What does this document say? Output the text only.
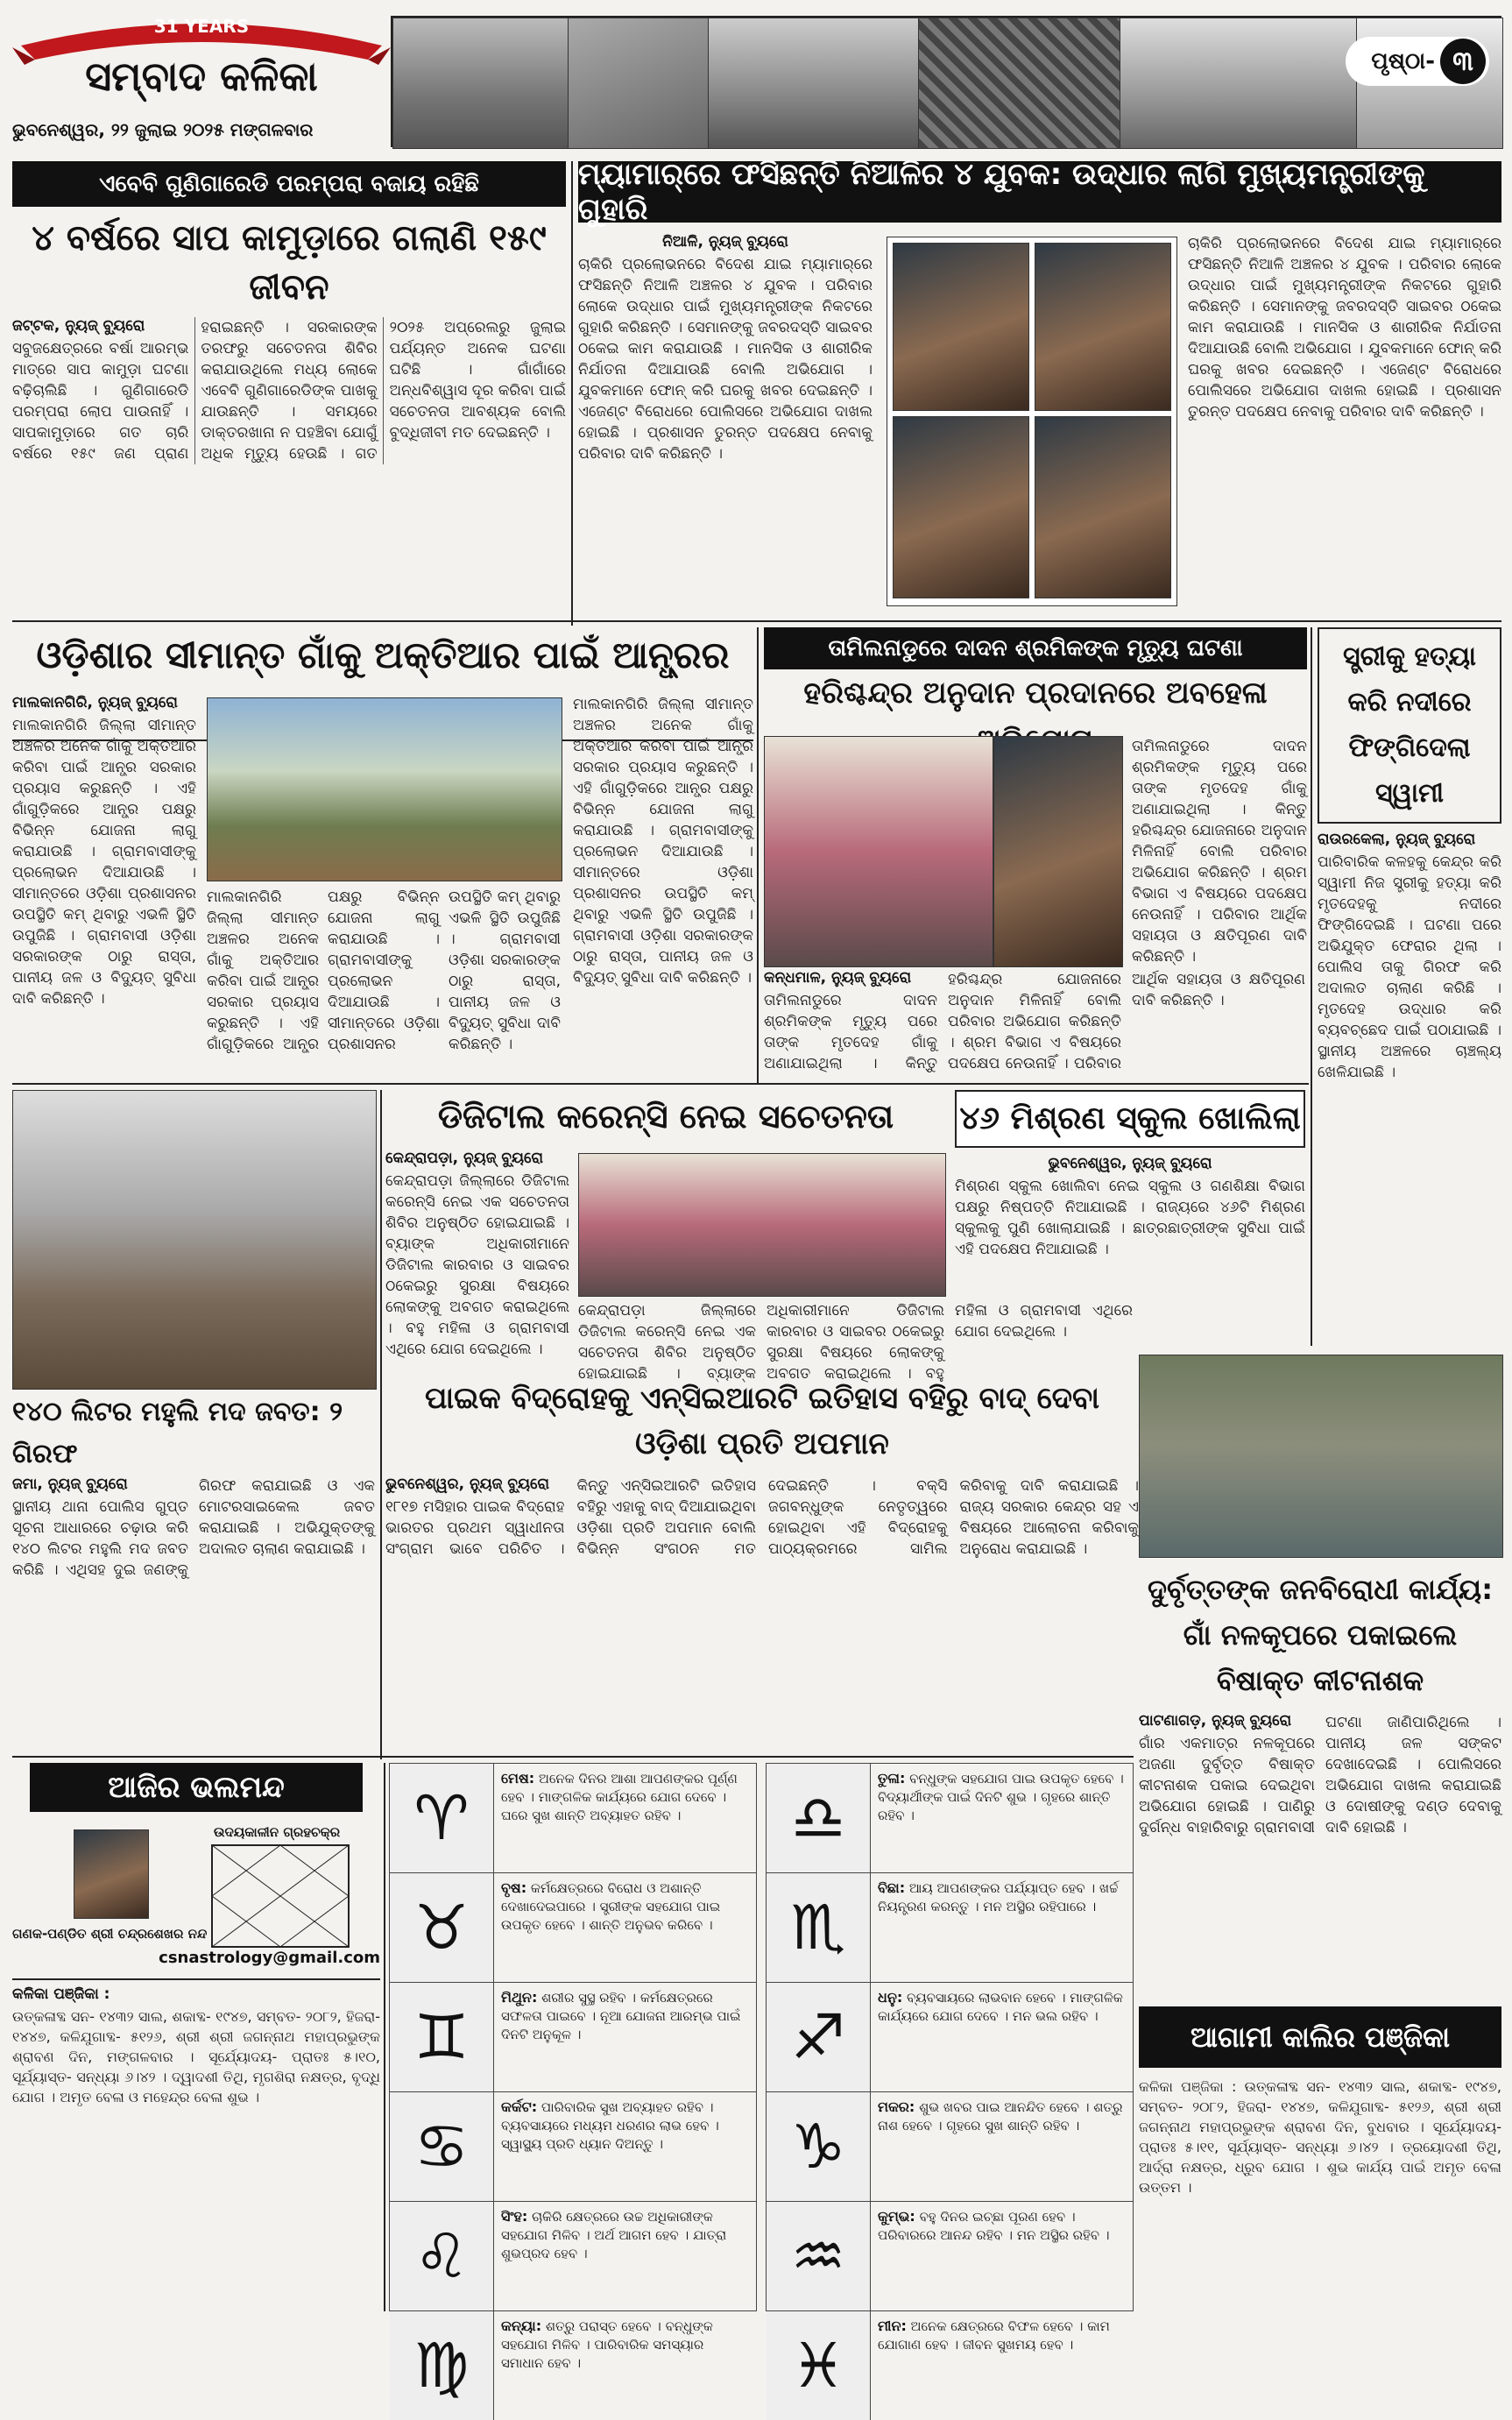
31 YEARS
ସମ୍ବାଦ କଳିକା
ଭୁବନେଶ୍ୱର, ୨୨ ଜୁଲାଇ ୨୦୨୫ ମଙ୍ଗଳବାର
ପୃଷ୍ଠା- ୩
ଏବେବି ଗୁଣିଗାରେଡି ପରମ୍ପରା ବଜାୟ ରହିଛି
୪ ବର୍ଷରେ ସାପ କାମୁଡ଼ାରେ ଗଲାଣି ୧୫୯ ଜୀବନ
ଜଟ୍ଟକ, ନ୍ୟୁଜ୍ ବ୍ୟୁରୋ
ସବୁଜକ୍ଷେତ୍ରରେ ବର୍ଷା ଆରମ୍ଭ ମାତ୍ରେ ସାପ କାମୁଡ଼ା ଘଟଣା ବଢ଼ିଚାଲିଛି । ଗୁଣିଗାରେଡି ପରମ୍ପରା ଲୋପ ପାଉନାହିଁ । ସାପକାମୁଡ଼ାରେ ଗତ ଚାରି ବର୍ଷରେ ୧୫୯ ଜଣ ପ୍ରାଣ ହରାଇଛନ୍ତି । ସରକାରଙ୍କ ତରଫରୁ ସଚେତନତା ଶିବିର କରାଯାଉଥିଲେ ମଧ୍ୟ ଲୋକେ ଏବେବି ଗୁଣିଗାରେଡିଙ୍କ ପାଖକୁ ଯାଉଛନ୍ତି । ସମୟରେ ଡାକ୍ତରଖାନା ନ ପହଞ୍ଚିବା ଯୋଗୁଁ ଅଧିକ ମୃତ୍ୟୁ ହେଉଛି । ଗତ ୨୦୨୫ ଅପ୍ରେଲରୁ ଜୁଲାଇ ପର୍ଯ୍ୟନ୍ତ ଅନେକ ଘଟଣା ଘଟିଛି । ଗାଁଗାଁରେ ଅନ୍ଧବିଶ୍ୱାସ ଦୂର କରିବା ପାଇଁ ସଚେତନତା ଆବଶ୍ୟକ ବୋଲି ବୁଦ୍ଧିଜୀବୀ ମତ ଦେଇଛନ୍ତି ।
ମ୍ୟାମାର୍‌ରେ ଫସିଛନ୍ତି ନିଆଳିର ୪ ଯୁବକ: ଉଦ୍ଧାର ଲାଗି ମୁଖ୍ୟମନ୍ତ୍ରୀଙ୍କୁ ଗୁହାରି
ନିଆଳି, ନ୍ୟୁଜ୍ ବ୍ୟୁରୋ
ଚାକିରି ପ୍ରଲୋଭନରେ ବିଦେଶ ଯାଇ ମ୍ୟାମାର୍‌ରେ ଫସିଛନ୍ତି ନିଆଳି ଅଞ୍ଚଳର ୪ ଯୁବକ । ପରିବାର ଲୋକେ ଉଦ୍ଧାର ପାଇଁ ମୁଖ୍ୟମନ୍ତ୍ରୀଙ୍କ ନିକଟରେ ଗୁହାରି କରିଛନ୍ତି । ସେମାନଙ୍କୁ ଜବରଦସ୍ତି ସାଇବର ଠକେଇ କାମ କରାଯାଉଛି । ମାନସିକ ଓ ଶାରୀରିକ ନିର୍ଯାତନା ଦିଆଯାଉଛି ବୋଲି ଅଭିଯୋଗ । ଯୁବକମାନେ ଫୋନ୍ କରି ଘରକୁ ଖବର ଦେଇଛନ୍ତି । ଏଜେଣ୍ଟ ବିରୋଧରେ ପୋଲିସରେ ଅଭିଯୋଗ ଦାଖଲ ହୋଇଛି । ପ୍ରଶାସନ ତୁରନ୍ତ ପଦକ୍ଷେପ ନେବାକୁ ପରିବାର ଦାବି କରିଛନ୍ତି ।
ଚାକିରି ପ୍ରଲୋଭନରେ ବିଦେଶ ଯାଇ ମ୍ୟାମାର୍‌ରେ ଫସିଛନ୍ତି ନିଆଳି ଅଞ୍ଚଳର ୪ ଯୁବକ । ପରିବାର ଲୋକେ ଉଦ୍ଧାର ପାଇଁ ମୁଖ୍ୟମନ୍ତ୍ରୀଙ୍କ ନିକଟରେ ଗୁହାରି କରିଛନ୍ତି । ସେମାନଙ୍କୁ ଜବରଦସ୍ତି ସାଇବର ଠକେଇ କାମ କରାଯାଉଛି । ମାନସିକ ଓ ଶାରୀରିକ ନିର୍ଯାତନା ଦିଆଯାଉଛି ବୋଲି ଅଭିଯୋଗ । ଯୁବକମାନେ ଫୋନ୍ କରି ଘରକୁ ଖବର ଦେଇଛନ୍ତି । ଏଜେଣ୍ଟ ବିରୋଧରେ ପୋଲିସରେ ଅଭିଯୋଗ ଦାଖଲ ହୋଇଛି । ପ୍ରଶାସନ ତୁରନ୍ତ ପଦକ୍ଷେପ ନେବାକୁ ପରିବାର ଦାବି କରିଛନ୍ତି ।
ଓଡ଼ିଶାର ସୀମାନ୍ତ ଗାଁକୁ ଅକ୍ତିଆର ପାଇଁ ଆନ୍ଧ୍ରର
ମାଲକାନଗିରି, ନ୍ୟୁଜ୍ ବ୍ୟୁରୋ
ମାଲକାନଗିରି ଜିଲ୍ଲା ସୀମାନ୍ତ ଅଞ୍ଚଳର ଅନେକ ଗାଁକୁ ଅକ୍ତିଆର କରିବା ପାଇଁ ଆନ୍ଧ୍ର ସରକାର ପ୍ରୟାସ କରୁଛନ୍ତି । ଏହି ଗାଁଗୁଡ଼ିକରେ ଆନ୍ଧ୍ର ପକ୍ଷରୁ ବିଭିନ୍ନ ଯୋଜନା ଲାଗୁ କରାଯାଉଛି । ଗ୍ରାମବାସୀଙ୍କୁ ପ୍ରଲୋଭନ ଦିଆଯାଉଛି । ସୀମାନ୍ତରେ ଓଡ଼ିଶା ପ୍ରଶାସନର ଉପସ୍ଥିତି କମ୍ ଥିବାରୁ ଏଭଳି ସ୍ଥିତି ଉପୁଜିଛି । ଗ୍ରାମବାସୀ ଓଡ଼ିଶା ସରକାରଙ୍କ ଠାରୁ ରାସ୍ତା, ପାନୀୟ ଜଳ ଓ ବିଦ୍ୟୁତ୍ ସୁବିଧା ଦାବି କରିଛନ୍ତି ।
ମାଲକାନଗିରି ଜିଲ୍ଲା ସୀମାନ୍ତ ଅଞ୍ଚଳର ଅନେକ ଗାଁକୁ ଅକ୍ତିଆର କରିବା ପାଇଁ ଆନ୍ଧ୍ର ସରକାର ପ୍ରୟାସ କରୁଛନ୍ତି । ଏହି ଗାଁଗୁଡ଼ିକରେ ଆନ୍ଧ୍ର ପକ୍ଷରୁ ବିଭିନ୍ନ ଯୋଜନା ଲାଗୁ କରାଯାଉଛି । ଗ୍ରାମବାସୀଙ୍କୁ ପ୍ରଲୋଭନ ଦିଆଯାଉଛି । ସୀମାନ୍ତରେ ଓଡ଼ିଶା ପ୍ରଶାସନର ଉପସ୍ଥିତି କମ୍ ଥିବାରୁ ଏଭଳି ସ୍ଥିତି ଉପୁଜିଛି । ଗ୍ରାମବାସୀ ଓଡ଼ିଶା ସରକାରଙ୍କ ଠାରୁ ରାସ୍ତା, ପାନୀୟ ଜଳ ଓ ବିଦ୍ୟୁତ୍ ସୁବିଧା ଦାବି କରିଛନ୍ତି ।
ମାଲକାନଗିରି ଜିଲ୍ଲା ସୀମାନ୍ତ ଅଞ୍ଚଳର ଅନେକ ଗାଁକୁ ଅକ୍ତିଆର କରିବା ପାଇଁ ଆନ୍ଧ୍ର ସରକାର ପ୍ରୟାସ କରୁଛନ୍ତି । ଏହି ଗାଁଗୁଡ଼ିକରେ ଆନ୍ଧ୍ର ପକ୍ଷରୁ ବିଭିନ୍ନ ଯୋଜନା ଲାଗୁ କରାଯାଉଛି । ଗ୍ରାମବାସୀଙ୍କୁ ପ୍ରଲୋଭନ ଦିଆଯାଉଛି । ସୀମାନ୍ତରେ ଓଡ଼ିଶା ପ୍ରଶାସନର ଉପସ୍ଥିତି କମ୍ ଥିବାରୁ ଏଭଳି ସ୍ଥିତି ଉପୁଜିଛି । ଗ୍ରାମବାସୀ ଓଡ଼ିଶା ସରକାରଙ୍କ ଠାରୁ ରାସ୍ତା, ପାନୀୟ ଜଳ ଓ ବିଦ୍ୟୁତ୍ ସୁବିଧା ଦାବି କରିଛନ୍ତି ।
ତାମିଲନାଡୁରେ ଦାଦନ ଶ୍ରମିକଙ୍କ ମୃତ୍ୟୁ ଘଟଣା
ହରିଶ୍ଚନ୍ଦ୍ର ଅନୁଦାନ ପ୍ରଦାନରେ ଅବହେଳା
କନ୍ଧମାଳ, ନ୍ୟୁଜ୍ ବ୍ୟୁରୋ
ତାମିଲନାଡୁରେ ଦାଦନ ଶ୍ରମିକଙ୍କ ମୃତ୍ୟୁ ପରେ ତାଙ୍କ ମୃତଦେହ ଗାଁକୁ ଅଣାଯାଇଥିଲା । କିନ୍ତୁ ହରିଶ୍ଚନ୍ଦ୍ର ଯୋଜନାରେ ଅନୁଦାନ ମିଳିନାହିଁ ବୋଲି ପରିବାର ଅଭିଯୋଗ କରିଛନ୍ତି । ଶ୍ରମ ବିଭାଗ ଏ ବିଷୟରେ ପଦକ୍ଷେପ ନେଉନାହିଁ । ପରିବାର ଆର୍ଥିକ ସହାୟତା ଓ କ୍ଷତିପୂରଣ ଦାବି କରିଛନ୍ତି ।
ତାମିଲନାଡୁରେ ଦାଦନ ଶ୍ରମିକଙ୍କ ମୃତ୍ୟୁ ପରେ ତାଙ୍କ ମୃତଦେହ ଗାଁକୁ ଅଣାଯାଇଥିଲା । କିନ୍ତୁ ହରିଶ୍ଚନ୍ଦ୍ର ଯୋଜନାରେ ଅନୁଦାନ ମିଳିନାହିଁ ବୋଲି ପରିବାର ଅଭିଯୋଗ କରିଛନ୍ତି । ଶ୍ରମ ବିଭାଗ ଏ ବିଷୟରେ ପଦକ୍ଷେପ ନେଉନାହିଁ । ପରିବାର ଆର୍ଥିକ ସହାୟତା ଓ କ୍ଷତିପୂରଣ ଦାବି କରିଛନ୍ତି ।
ସ୍ତ୍ରୀକୁ ହତ୍ୟା କରି ନଦୀରେ ଫିଙ୍ଗିଦେଲା ସ୍ୱାମୀ
ରାଉରକେଲା, ନ୍ୟୁଜ୍ ବ୍ୟୁରୋ
ପାରିବାରିକ କଳହକୁ କେନ୍ଦ୍ର କରି ସ୍ୱାମୀ ନିଜ ସ୍ତ୍ରୀକୁ ହତ୍ୟା କରି ମୃତଦେହକୁ ନଦୀରେ ଫିଙ୍ଗିଦେଇଛି । ଘଟଣା ପରେ ଅଭିଯୁକ୍ତ ଫେରାର ଥିଲା । ପୋଲିସ ତାକୁ ଗିରଫ କରି ଅଦାଲତ ଚାଲାଣ କରିଛି । ମୃତଦେହ ଉଦ୍ଧାର କରି ବ୍ୟବଚ୍ଛେଦ ପାଇଁ ପଠାଯାଇଛି । ସ୍ଥାନୀୟ ଅଞ୍ଚଳରେ ଚାଞ୍ଚଲ୍ୟ ଖେଳିଯାଇଛି ।
ଡିଜିଟାଲ କରେନ୍ସି ନେଇ ସଚେତନତା
କେନ୍ଦ୍ରାପଡ଼ା, ନ୍ୟୁଜ୍ ବ୍ୟୁରୋ
କେନ୍ଦ୍ରାପଡ଼ା ଜିଲ୍ଲାରେ ଡିଜିଟାଲ କରେନ୍ସି ନେଇ ଏକ ସଚେତନତା ଶିବିର ଅନୁଷ୍ଠିତ ହୋଇଯାଇଛି । ବ୍ୟାଙ୍କ ଅଧିକାରୀମାନେ ଡିଜିଟାଲ କାରବାର ଓ ସାଇବର ଠକେଇରୁ ସୁରକ୍ଷା ବିଷୟରେ ଲୋକଙ୍କୁ ଅବଗତ କରାଇଥିଲେ । ବହୁ ମହିଳା ଓ ଗ୍ରାମବାସୀ ଏଥିରେ ଯୋଗ ଦେଇଥିଲେ ।
କେନ୍ଦ୍ରାପଡ଼ା ଜିଲ୍ଲାରେ ଡିଜିଟାଲ କରେନ୍ସି ନେଇ ଏକ ସଚେତନତା ଶିବିର ଅନୁଷ୍ଠିତ ହୋଇଯାଇଛି । ବ୍ୟାଙ୍କ ଅଧିକାରୀମାନେ ଡିଜିଟାଲ କାରବାର ଓ ସାଇବର ଠକେଇରୁ ସୁରକ୍ଷା ବିଷୟରେ ଲୋକଙ୍କୁ ଅବଗତ କରାଇଥିଲେ । ବହୁ ମହିଳା ଓ ଗ୍ରାମବାସୀ ଏଥିରେ ଯୋଗ ଦେଇଥିଲେ ।
୪୬ ମିଶ୍ରଣ ସ୍କୁଲ ଖୋଲିଲା
ଭୁବନେଶ୍ୱର, ନ୍ୟୁଜ୍ ବ୍ୟୁରୋ
ମିଶ୍ରଣ ସ୍କୁଲ ଖୋଲିବା ନେଇ ସ୍କୁଲ ଓ ଗଣଶିକ୍ଷା ବିଭାଗ ପକ୍ଷରୁ ନିଷ୍ପତ୍ତି ନିଆଯାଇଛି । ରାଜ୍ୟରେ ୪୬ଟି ମିଶ୍ରଣ ସ୍କୁଲକୁ ପୁଣି ଖୋଲାଯାଇଛି । ଛାତ୍ରଛାତ୍ରୀଙ୍କ ସୁବିଧା ପାଇଁ ଏହି ପଦକ୍ଷେପ ନିଆଯାଇଛି ।
୧୪୦ ଲିଟର ମହୁଲି ମଦ ଜବତ: ୨ ଗିରଫ
ଜମା, ନ୍ୟୁଜ୍ ବ୍ୟୁରୋ
ସ୍ଥାନୀୟ ଥାନା ପୋଲିସ ଗୁପ୍ତ ସୂଚନା ଆଧାରରେ ଚଢ଼ାଉ କରି ୧୪୦ ଲିଟର ମହୁଲି ମଦ ଜବତ କରିଛି । ଏଥିସହ ଦୁଇ ଜଣଙ୍କୁ ଗିରଫ କରାଯାଇଛି ଓ ଏକ ମୋଟରସାଇକେଲ ଜବତ କରାଯାଇଛି । ଅଭିଯୁକ୍ତଙ୍କୁ ଅଦାଲତ ଚାଲାଣ କରାଯାଇଛି ।
ପାଇକ ବିଦ୍ରୋହକୁ ଏନ୍‌ସିଇଆରଟି ଇତିହାସ ବହିରୁ ବାଦ୍ ଦେବା ଓଡ଼ିଶା ପ୍ରତି ଅପମାନ
ଭୁବନେଶ୍ୱର, ନ୍ୟୁଜ୍ ବ୍ୟୁରୋ
୧୮୧୭ ମସିହାର ପାଇକ ବିଦ୍ରୋହ ଭାରତର ପ୍ରଥମ ସ୍ୱାଧୀନତା ସଂଗ୍ରାମ ଭାବେ ପରିଚିତ । କିନ୍ତୁ ଏନ୍‌ସିଇଆରଟି ଇତିହାସ ବହିରୁ ଏହାକୁ ବାଦ୍ ଦିଆଯାଇଥିବା ଓଡ଼ିଶା ପ୍ରତି ଅପମାନ ବୋଲି ବିଭିନ୍ନ ସଂଗଠନ ମତ ଦେଇଛନ୍ତି । ବକ୍ସି ଜଗବନ୍ଧୁଙ୍କ ନେତୃତ୍ୱରେ ହୋଇଥିବା ଏହି ବିଦ୍ରୋହକୁ ପାଠ୍ୟକ୍ରମରେ ସାମିଲ କରିବାକୁ ଦାବି କରାଯାଇଛି । ରାଜ୍ୟ ସରକାର କେନ୍ଦ୍ର ସହ ଏ ବିଷୟରେ ଆଲୋଚନା କରିବାକୁ ଅନୁରୋଧ କରାଯାଇଛି ।
ଦୁର୍ବୃତ୍ତଙ୍କ ଜନବିରୋଧୀ କାର୍ଯ୍ୟ: ଗାଁ ନଳକୂପରେ ପକାଇଲେ ବିଷାକ୍ତ କୀଟନାଶକ
ପାଟଣାଗଡ଼, ନ୍ୟୁଜ୍ ବ୍ୟୁରୋ
ଗାଁର ଏକମାତ୍ର ନଳକୂପରେ ଅଜଣା ଦୁର୍ବୃତ୍ତ ବିଷାକ୍ତ କୀଟନାଶକ ପକାଇ ଦେଇଥିବା ଅଭିଯୋଗ ହୋଇଛି । ପାଣିରୁ ଦୁର୍ଗନ୍ଧ ବାହାରିବାରୁ ଗ୍ରାମବାସୀ ଘଟଣା ଜାଣିପାରିଥିଲେ । ପାନୀୟ ଜଳ ସଙ୍କଟ ଦେଖାଦେଇଛି । ପୋଲିସରେ ଅଭିଯୋଗ ଦାଖଲ କରାଯାଇଛି ଓ ଦୋଷୀଙ୍କୁ ଦଣ୍ଡ ଦେବାକୁ ଦାବି ହୋଇଛି ।
ଆଜିର ଭଲମନ୍ଦ
ଉଦୟକାଳୀନ ଗ୍ରହଚକ୍ର
ଗଣକ-ପଣ୍ଡିତ ଶ୍ରୀ ଚନ୍ଦ୍ରଶେଖର ନନ୍ଦ
csnastrology@gmail.com
କଳିକା ପଞ୍ଜିକା :
ଉତ୍କଳାବ୍ଦ ସନ- ୧୪୩୨ ସାଲ, ଶକାବ୍ଦ- ୧୯୪୭, ସମ୍ବତ- ୨୦୮୨, ହିଜରା- ୧୪୪୭, କଳିଯୁଗାବ୍ଦ- ୫୧୨୬, ଶ୍ରୀ ଶ୍ରୀ ଜଗନ୍ନାଥ ମହାପ୍ରଭୁଙ୍କ ଶ୍ରାବଣ ଦିନ, ମଙ୍ଗଳବାର । ସୂର୍ଯ୍ୟୋଦୟ- ପ୍ରାତଃ ୫।୧୦, ସୂର୍ଯ୍ୟାସ୍ତ- ସନ୍ଧ୍ୟା ୬।୪୨ । ଦ୍ୱାଦଶୀ ତିଥି, ମୃଗଶିରା ନକ୍ଷତ୍ର, ବୃଦ୍ଧି ଯୋଗ । ଅମୃତ ବେଳା ଓ ମହେନ୍ଦ୍ର ବେଳା ଶୁଭ ।
♈
ମେଷ: ଅନେକ ଦିନର ଆଶା ଆପଣଙ୍କର ପୂର୍ଣ୍ଣ ହେବ । ମାଙ୍ଗଳିକ କାର୍ଯ୍ୟରେ ଯୋଗ ଦେବେ । ଘରେ ସୁଖ ଶାନ୍ତି ଅବ୍ୟାହତ ରହିବ ।
♉
ବୃଷ: କର୍ମକ୍ଷେତ୍ରରେ ବିରୋଧ ଓ ଅଶାନ୍ତି ଦେଖାଦେଇପାରେ । ସ୍ତ୍ରୀଙ୍କ ସହଯୋଗ ପାଇ ଉପକୃତ ହେବେ । ଶାନ୍ତି ଅନୁଭବ କରିବେ ।
♊
ମିଥୁନ: ଶରୀର ସୁସ୍ଥ ରହିବ । କର୍ମକ୍ଷେତ୍ରରେ ସଫଳତା ପାଇବେ । ନୂଆ ଯୋଜନା ଆରମ୍ଭ ପାଇଁ ଦିନଟି ଅନୁକୂଳ ।
♋
କର୍କଟ: ପାରିବାରିକ ସୁଖ ଅବ୍ୟାହତ ରହିବ । ବ୍ୟବସାୟରେ ମଧ୍ୟମ ଧରଣର ଲାଭ ହେବ । ସ୍ୱାସ୍ଥ୍ୟ ପ୍ରତି ଧ୍ୟାନ ଦିଅନ୍ତୁ ।
♌
ସିଂହ: ଚାକିରି କ୍ଷେତ୍ରରେ ଉଚ୍ଚ ଅଧିକାରୀଙ୍କ ସହଯୋଗ ମିଳିବ । ଅର୍ଥ ଆଗମ ହେବ । ଯାତ୍ରା ଶୁଭପ୍ରଦ ହେବ ।
♍
କନ୍ୟା: ଶତ୍ରୁ ପରାସ୍ତ ହେବେ । ବନ୍ଧୁଙ୍କ ସହଯୋଗ ମିଳିବ । ପାରିବାରିକ ସମସ୍ୟାର ସମାଧାନ ହେବ ।
♎
ତୁଳା: ବନ୍ଧୁଙ୍କ ସହଯୋଗ ପାଇ ଉପକୃତ ହେବେ । ବିଦ୍ୟାର୍ଥୀଙ୍କ ପାଇଁ ଦିନଟି ଶୁଭ । ଗୃହରେ ଶାନ୍ତି ରହିବ ।
♏
ବିଛା: ଆୟ ଆପଣଙ୍କର ପର୍ଯ୍ୟାପ୍ତ ହେବ । ଖର୍ଚ୍ଚ ନିୟନ୍ତ୍ରଣ କରନ୍ତୁ । ମନ ଅସ୍ଥିର ରହିପାରେ ।
♐
ଧନୁ: ବ୍ୟବସାୟରେ ଲାଭବାନ ହେବେ । ମାଙ୍ଗଳିକ କାର୍ଯ୍ୟରେ ଯୋଗ ଦେବେ । ମନ ଭଲ ରହିବ ।
♑
ମକର: ଶୁଭ ଖବର ପାଇ ଆନନ୍ଦିତ ହେବେ । ଶତ୍ରୁ ନାଶ ହେବେ । ଗୃହରେ ସୁଖ ଶାନ୍ତି ରହିବ ।
♒
କୁମ୍ଭ: ବହୁ ଦିନର ଇଚ୍ଛା ପୂରଣ ହେବ । ପରିବାରରେ ଆନନ୍ଦ ରହିବ । ମନ ଅସ୍ଥିର ରହିବ ।
♓
ମୀନ: ଅନେକ କ୍ଷେତ୍ରରେ ବିଫଳ ହେବେ । କାମ ଯୋଗାଣ ହେବ । ଜୀବନ ସୁଖମୟ ହେବ ।
ଆଗାମୀ କାଲିର ପଞ୍ଜିକା
କଳିକା ପଞ୍ଜିକା : ଉତ୍କଳାବ୍ଦ ସନ- ୧୪୩୨ ସାଲ, ଶକାବ୍ଦ- ୧୯୪୭, ସମ୍ବତ- ୨୦୮୨, ହିଜରା- ୧୪୪୭, କଳିଯୁଗାବ୍ଦ- ୫୧୨୬, ଶ୍ରୀ ଶ୍ରୀ ଜଗନ୍ନାଥ ମହାପ୍ରଭୁଙ୍କ ଶ୍ରାବଣ ଦିନ, ବୁଧବାର । ସୂର୍ଯ୍ୟୋଦୟ- ପ୍ରାତଃ ୫।୧୧, ସୂର୍ଯ୍ୟାସ୍ତ- ସନ୍ଧ୍ୟା ୬।୪୨ । ତ୍ରୟୋଦଶୀ ତିଥି, ଆର୍ଦ୍ରା ନକ୍ଷତ୍ର, ଧ୍ରୁବ ଯୋଗ । ଶୁଭ କାର୍ଯ୍ୟ ପାଇଁ ଅମୃତ ବେଳା ଉତ୍ତମ ।
